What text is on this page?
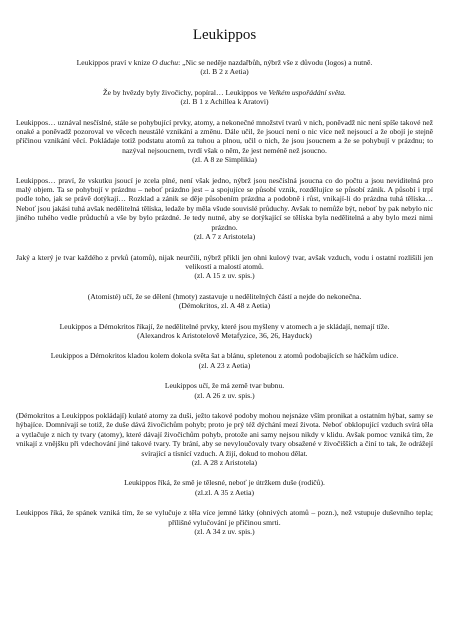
Leukippos

Leukippos praví v knize O duchu: „Nic se neděje nazdařbůh, nýbrž vše z důvodu (logos) a nutně.

(zl. B 2 z Aetia)

Že by hvězdy byly živočichy, popíral… Leukippos ve Velkém uspořádání světa.

(zl. B 1 z Achillea k Aratovi)

Leukippos… uznával nesčíslné, stále se pohybující prvky, atomy, a nekonečné množství tvarů v nich, poněvadž nic není spíše takové než onaké a poněvadž pozoroval ve věcech neustálé vznikání a změnu. Dále učil, že jsoucí není o nic více než nejsoucí a že obojí je stejně příčinou vznikání věcí. Pokládaje totiž podstatu atomů za tuhou a plnou, učil o nich, že jsou jsoucnem a že se pohybují v prázdnu; to nazýval nejsoucnem, tvrdí však o něm, že jest neméně než jsoucno.

(zl. A 8 ze Simplikia)

Leukippos… praví, že vskutku jsoucí je zcela plné, není však jedno, nýbrž jsou nesčíslná jsoucna co do počtu a jsou neviditelná pro malý objem. Ta se pohybují v prázdnu – neboť prázdno jest – a spojujíce se působí vznik, rozdělujíce se působí zánik. A působí i trpí podle toho, jak se právě dotýkají… Rozklad a zánik se děje působením prázdna a podobně i růst, vnikají-li do prázdna tuhá tělíska… Neboť jsou jakási tuhá avšak nedělitelná tělíska, ledaže by měla všude souvislé průduchy. Avšak to nemůže být, neboť by pak nebylo nic jiného tuhého vedle průduchů a vše by bylo prázdné. Je tedy nutné, aby se dotýkající se tělíska byla nedělitelná a aby bylo mezi nimi prázdno.

(zl. A 7 z Aristotela)

Jaký a který je tvar každého z prvků (atomů), nijak neurčili, nýbrž přikli jen ohni kulový tvar, avšak vzduch, vodu i ostatní rozlišili jen velikostí a malostí atomů.

(zl. A 15 z uv. spis.)

(Atomisté) učí, že se dělení (hmoty) zastavuje u nedělitelných částí a nejde do nekonečna.

(Démokritos, zl. A 48 z Aetia)

Leukippos a Démokritos říkají, že nedělitelné prvky, které jsou myšleny v atomech a je skládají, nemají tíže.

(Alexandros k Aristotelově Metafyzice, 36, 26, Hayduck)

Leukippos a Démokritos kladou kolem dokola světa šat a blánu, spletenou z atomů podobajících se háčkům udice.

(zl. A 23 z Aetia)

Leukippos učí, že má země tvar bubnu.

(zl. A 26 z uv. spis.)

(Démokritos a Leukippos pokládají) kulaté atomy za duši, ježto takové podoby mohou nejsnáze vším pronikat a ostatním hýbat, samy se hýbajíce. Domnívají se totiž, že duše dává živočichům pohyb; proto je prý též dýchání mezí života. Neboť obklopující vzduch svírá těla a vytlačuje z nich ty tvary (atomy), které dávají živočichům pohyb, protože ani samy nejsou nikdy v klidu. Avšak pomoc vzniká tím, že vnikají z vnějšku při vdechování jiné takové tvary. Ty brání, aby se nevyloučovaly tvary obsažené v živočišších a činí to tak, že odrážejí svírající a tísnící vzduch. A žijí, dokud to mohou dělat.

(zl. A 28 z Aristotela)

Leukippos říká, že smě je tělesné, neboť je útržkem duše (rodičů).

(zl.zl. A 35 z Aetia)

Leukippos říká, že spánek vzniká tím, že se vylučuje z těla více jemné látky (ohnivých atomů – pozn.), než vstupuje duševního tepla; přílišné vylučování je příčinou smrti.

(zl. A 34 z uv. spis.)
